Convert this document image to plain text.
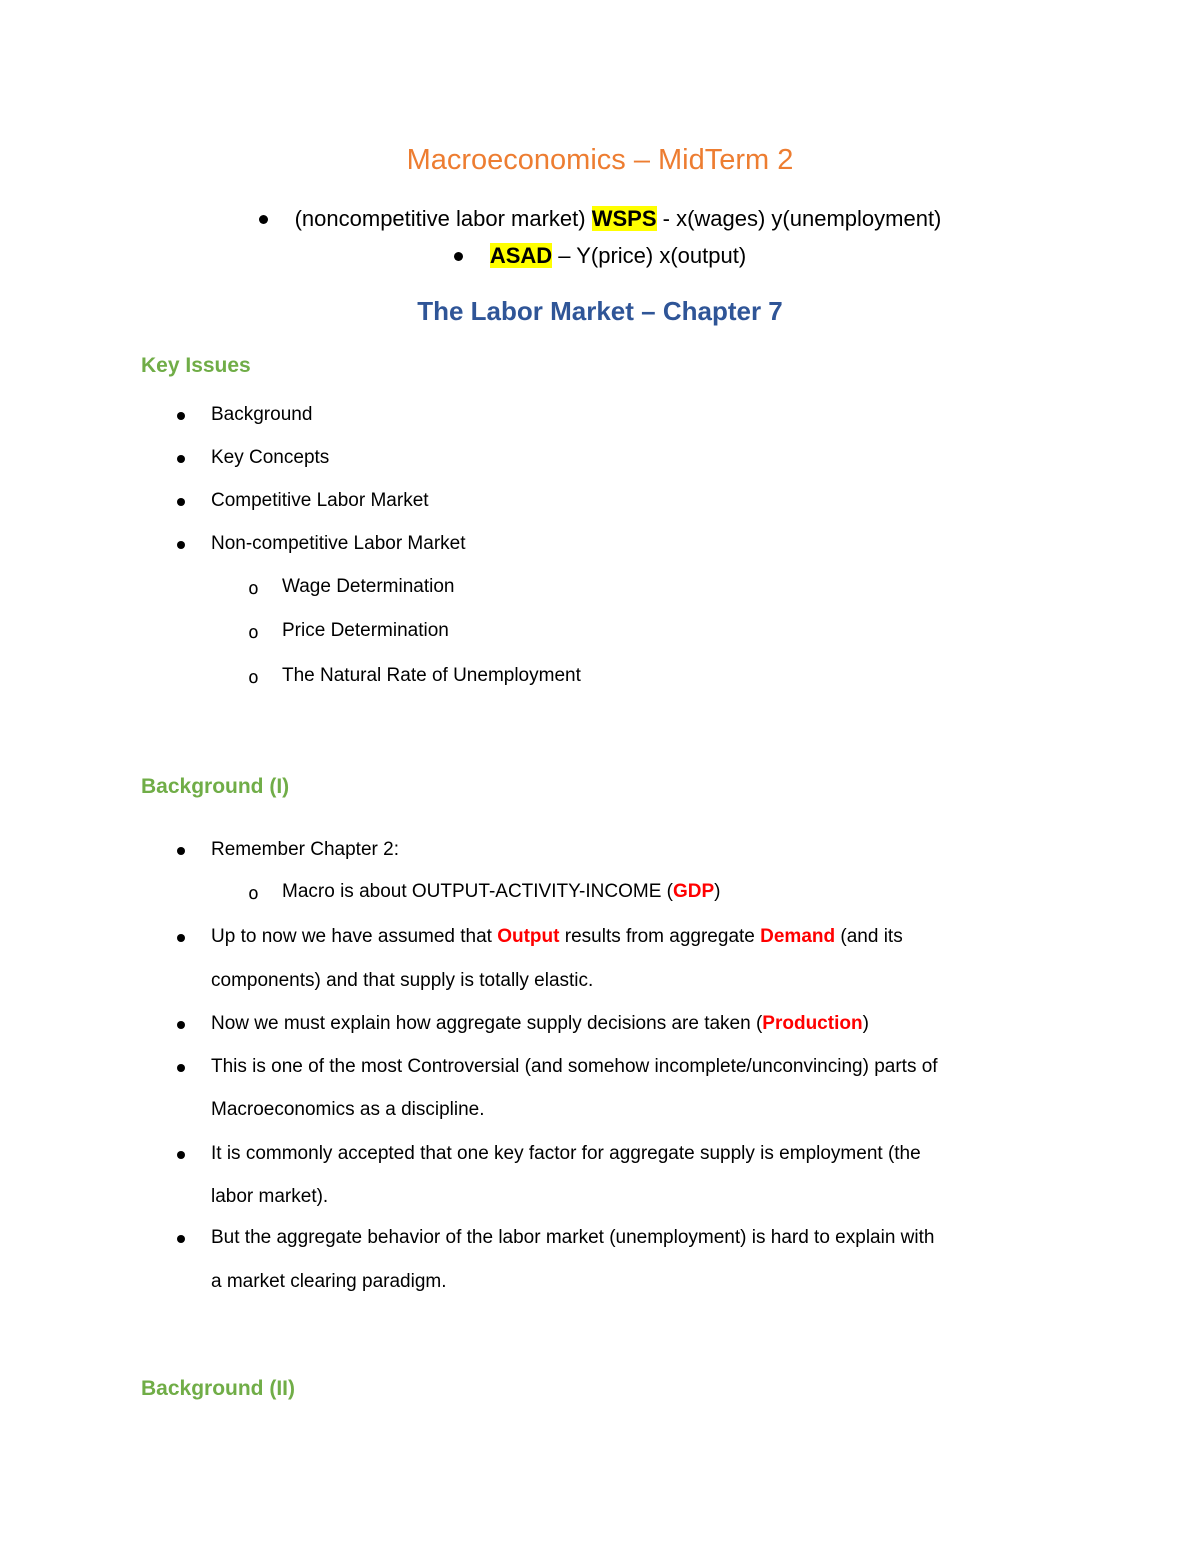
Macroeconomics – MidTerm 2
(noncompetitive labor market) WSPS - x(wages) y(unemployment)
ASAD – Y(price) x(output)
The Labor Market – Chapter 7
Key Issues
Background
Key Concepts
Competitive Labor Market
Non-competitive Labor Market
o Wage Determination
o Price Determination
o The Natural Rate of Unemployment
Background (I)
Remember Chapter 2:
o Macro is about OUTPUT-ACTIVITY-INCOME (GDP)
Up to now we have assumed that Output results from aggregate Demand (and its
components) and that supply is totally elastic.
Now we must explain how aggregate supply decisions are taken (Production)
This is one of the most Controversial (and somehow incomplete/unconvincing) parts of
Macroeconomics as a discipline.
It is commonly accepted that one key factor for aggregate supply is employment (the
labor market).
But the aggregate behavior of the labor market (unemployment) is hard to explain with
a market clearing paradigm.
Background (II)
